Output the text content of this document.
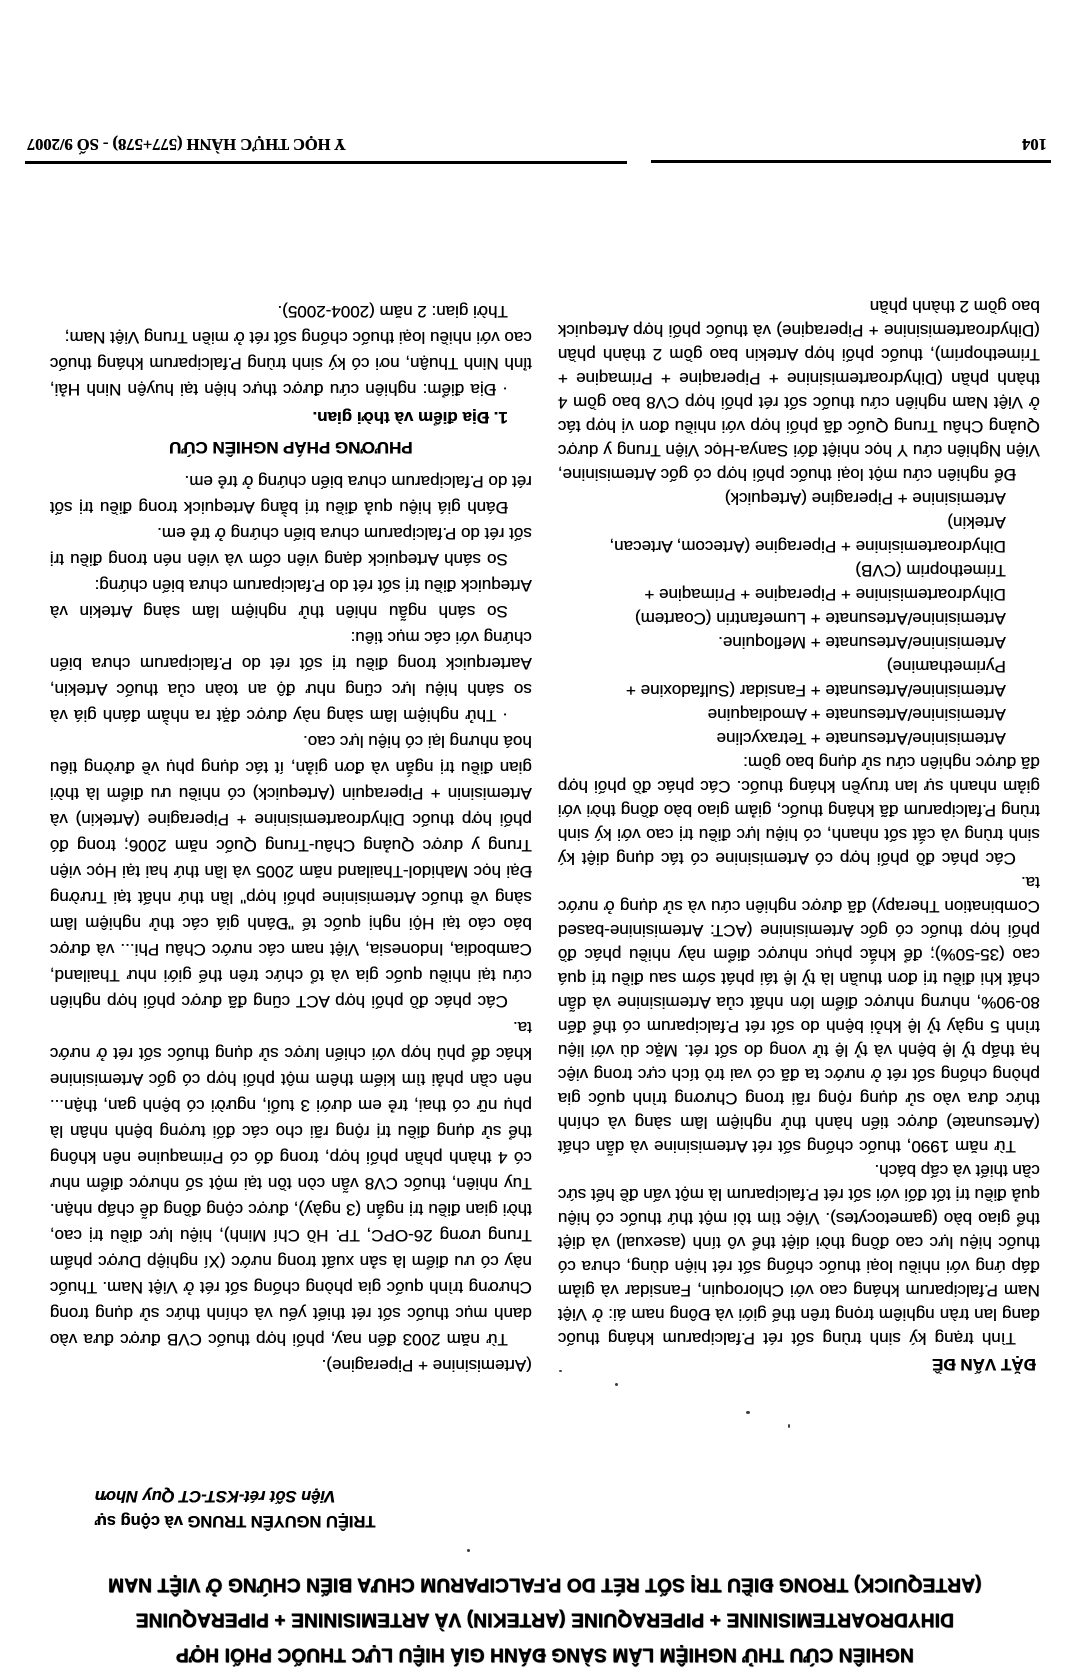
NGHIÊN CỨU THỬ NGHIỆM LÂM SÀNG ĐÁNH GIÁ HIỆU LỰC THUỐC PHỐI HỢP
DIHYDROARTEMISININE + PIPERAQUINE (ARTEKIN) VÀ ARTEMISININE + PIPERAQUINE
(ARTEQUICK) TRONG ĐIỀU TRỊ SỐT RÉT DO P.FALCIPARUM CHƯA BIẾN CHỨNG Ở VIỆT NAM
TRIỆU NGUYÊN TRUNG và cộng sự
Viện Sốt rét-KST-CT Quy Nhơn
ĐẶT VẤN ĐỀ

Tình trạng ký sinh trùng sốt rét P.falciparum kháng thuốc đang lan tràn nghiêm trọng trên thế giới và Đông nam ái: ở Việt Nam P.falciparum kháng cao với Chloroquin, Fansidar và giảm đáp ứng với nhiều loại thuốc chống sốt rét hiện dùng, chưa có thuốc hiệu lực cao đồng thời diệt thể vô tính (asexual) và diệt thể giao bào (gametocytes). Việc tìm tòi một thứ thuốc có hiệu quả điều trị tốt đối với sốt rét P.falciparum là một vấn đề hết sức cần thiết và cấp bách.

Từ năm 1990, thuốc chống sốt rét Artemisinine và dẫn chất (Artesunate) được tiến hành thử nghiệm lâm sàng và chính thức đưa vào sử dụng rộng rãi trong Chương trình quốc gia phòng chống sốt rét ở nước ta đã có vai trò tích cực trong việc hạ thấp tỷ lệ bệnh và tỷ lệ tử vong do sốt rét. Mặc dù với liệu trình 5 ngày tỷ lệ khỏi bệnh do sốt rét P.falciparum có thể đến 80-90%, nhưng nhược điểm lớn nhất của Artemisinine và dẫn chất khi điều trị đơn thuần là tỷ lệ tái phát sớm sau điều trị quá cao (35-50%); để khắc phục nhược điểm này nhiều phác đồ phối hợp thuốc có gốc Artemisinine (ACT: Artemisinine-based Combination Therapy) đã được nghiên cứu và sử dụng ở nước ta.

Các phác đồ phối hợp có Artemisinine có tác dụng diệt ký sinh trùng và cắt sốt nhanh, có hiệu lực điều trị cao với ký sinh trùng P.falciparum đã kháng thuốc, giảm giao bào đồng thời với giảm nhanh sự lan truyền kháng thuốc. Các phác đồ phối hợp đã được nghiên cứu sử dụng bao gồm:

Artemisinine/Artesunate + Tetraxycline
Artemisinine/Artesunate + Amodiaquine
Artemisinine/Artesunate + Fansidar (Sulfadoxine + Pyrimethamine)
Artemisinine/Artesunate + Mefloquine.
Artemisinine/Artesunate + Lumefantrin (Coartem)
Dihydroartemisinine + Piperaqine + Primaqine + Trimethoprim (CVB)
Dihydroartemisinine + Piperagine (Artecom, Artecan, Artekin)
Artemisinine + Piperagine (Artequick)

Để nghiên cứu một loại thuốc phối hợp có gốc Artemisinine, Viện Nghiên cứu Y học nhiệt đới Sanya-Học Viện Trung y dược Quảng Châu Trung Quốc đã phối hợp với nhiều đơn vị hợp tác ở Việt Nam nghiên cứu thuốc sốt rét phối hợp CV8 bao gồm 4 thành phần (Dihydroartemisinine + Piperaqine + Primaqine + Trimethoprim), thuốc phối hợp Artekin bao gồm 2 thành phần (Dihydroartemisinine + Piperaqine) và thuốc phối hợp Artequick bao gồm 2 thành phần

(Artemisinine + Piperagine).

Từ năm 2003 đến nay, phối hợp thuốc CVB được đưa vào danh mục thuốc sốt rét thiết yếu và chính thức sử dụng trong Chương trình quốc gia phòng chống sốt rét ở Việt Nam. Thuốc này có ưu điểm là sản xuất trong nước (Xí nghiệp Dược phẩm Trung ương 26-OPC, TP. Hồ Chí Minh), hiệu lực điều trị cao, thời gian điều trị ngắn (3 ngày), được cộng đồng dễ chấp nhận. Tuy nhiên, thuốc CV8 vẫn còn tồn tại một số nhược điểm như có 4 thành phần phối hợp, trong đó có Primaquine nên không thể sử dụng điều trị rộng rãi cho các đối tượng bệnh nhân là phụ nữ có thai, trẻ em dưới 3 tuổi, người có bệnh gan, thận... nên cần phải tìm kiếm thêm một phối hợp có gốc Artemisinine khác để phù hợp với chiến lược sử dụng thuốc sốt rét ở nước ta.

Các phác đồ phối hợp ACT cũng đã được phối hợp nghiên cứu tại nhiều quốc gia và tổ chức trên thế giới như Thailand, Cambodia, Indonesia, Việt nam các nước Châu Phi... và được báo cáo tại Hội nghị quốc tế "Đánh giá các thử nghiệm lâm sàng về thuốc Artemisinine phối hợp" lần thứ nhất tại Trường Đại học Mahidol-Thailand năm 2005 và lần thứ hai tại Học viện Trung y dược Quảng Châu-Trung Quốc năm 2006; trong đó phối hợp thuốc Dihydroartemisinine + Piperagine (Artekin) và Artemisinin + Piperaquin (Artequick) có nhiều ưu điểm là thời gian điều trị ngắn và đơn giản, ít tác dụng phụ về đường tiêu hoá nhưng lại có hiệu lực cao.

· Thử nghiệm lâm sàng này được đặt ra nhằm đánh giá và so sánh hiệu lực cũng như độ an toàn của thuốc Artekin, Aarterquick trong điều trị sốt rét do P.falciparum chưa biến chứng với các mục tiêu:

So sánh ngẫu nhiên thử nghiệm lâm sàng Artekin và Artequick điều trị sốt rét do P.falciparum chưa biến chứng:

So sánh Artequick dạng viên cốm và viên nén trong điều trị sốt rét do P.falciparum chưa biến chứng ở trẻ em.

Đánh giá hiệu quả điều trị bằng Artequick trong điều trị sốt rét do P.falciparum chưa biến chứng ở trẻ em.

PHƯƠNG PHÁP NGHIÊN CỨU
1. Địa điểm và thời gian.

· Địa điểm: nghiên cứu được thực hiện tại huyện Ninh Hải, tỉnh Ninh Thuận, nơi có ký sinh trùng P.falciparum kháng thuốc cao với nhiều loại thuốc chống sốt rét ở miền Trung Việt Nam;

Thời gian: 2 năm (2004-2005).

104
Y HỌC THỰC HÀNH (577+578) - SỐ 9/2007
